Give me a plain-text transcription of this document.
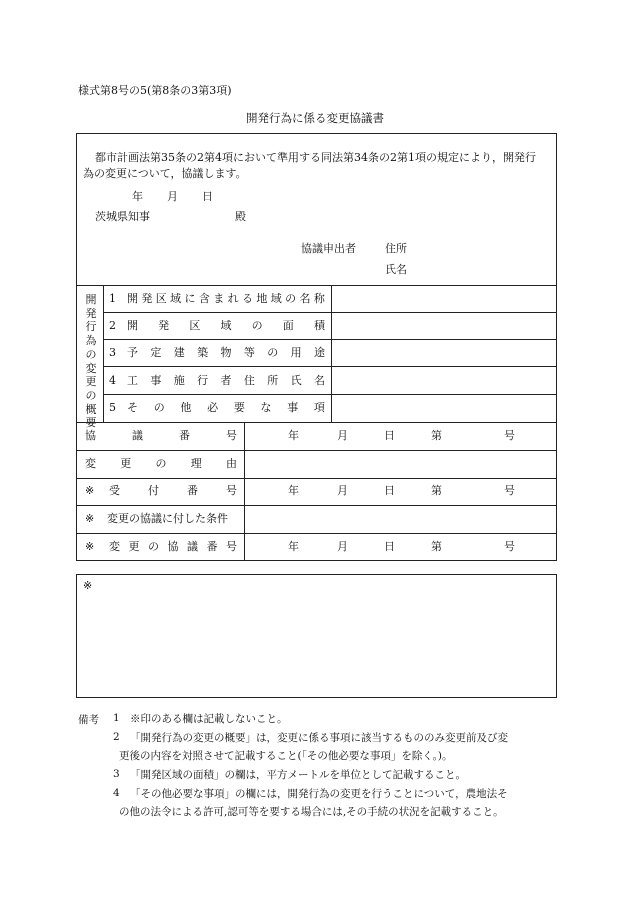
様式第8号の5(第8条の3第3項)
開発行為に係る変更協議書
都市計画法第35条の2第4項において準用する同法第34条の2第1項の規定により，開発行
為の変更について，協議します。
年 月 日
茨城県知事	殿
協議申出者	住所
氏名
開発行為の変更の概要
1 開 発 区 域 に 含 ま れ る 地 域 の 名 称
2 開 発 区 域 の 面 積
3 予 定 建 築 物 等 の 用 途
4 工 事 施 行 者 住 所 氏 名
5 そ の 他 必 要 な 事 項
協	議	番	号	年	月	日	第	号
変 更 の 理 由
※ 受	付	番	号	年	月	日	第	号
※ 変更の協議に付した条件
※ 変 更 の 協 議 番 号	年	月	日	第	号
※
備考 1 ※印のある欄は記載しないこと。
2 「開発行為の変更の概要」は，変更に係る事項に該当するもののみ変更前及び変
更後の内容を対照させて記載すること(「その他必要な事項」を除く。)。
3 「開発区域の面積」の欄は，平方メートルを単位として記載すること。
4 「その他必要な事項」の欄には，開発行為の変更を行うことについて，農地法そ
の他の法令による許可,認可等を要する場合には,その手続の状況を記載すること。
